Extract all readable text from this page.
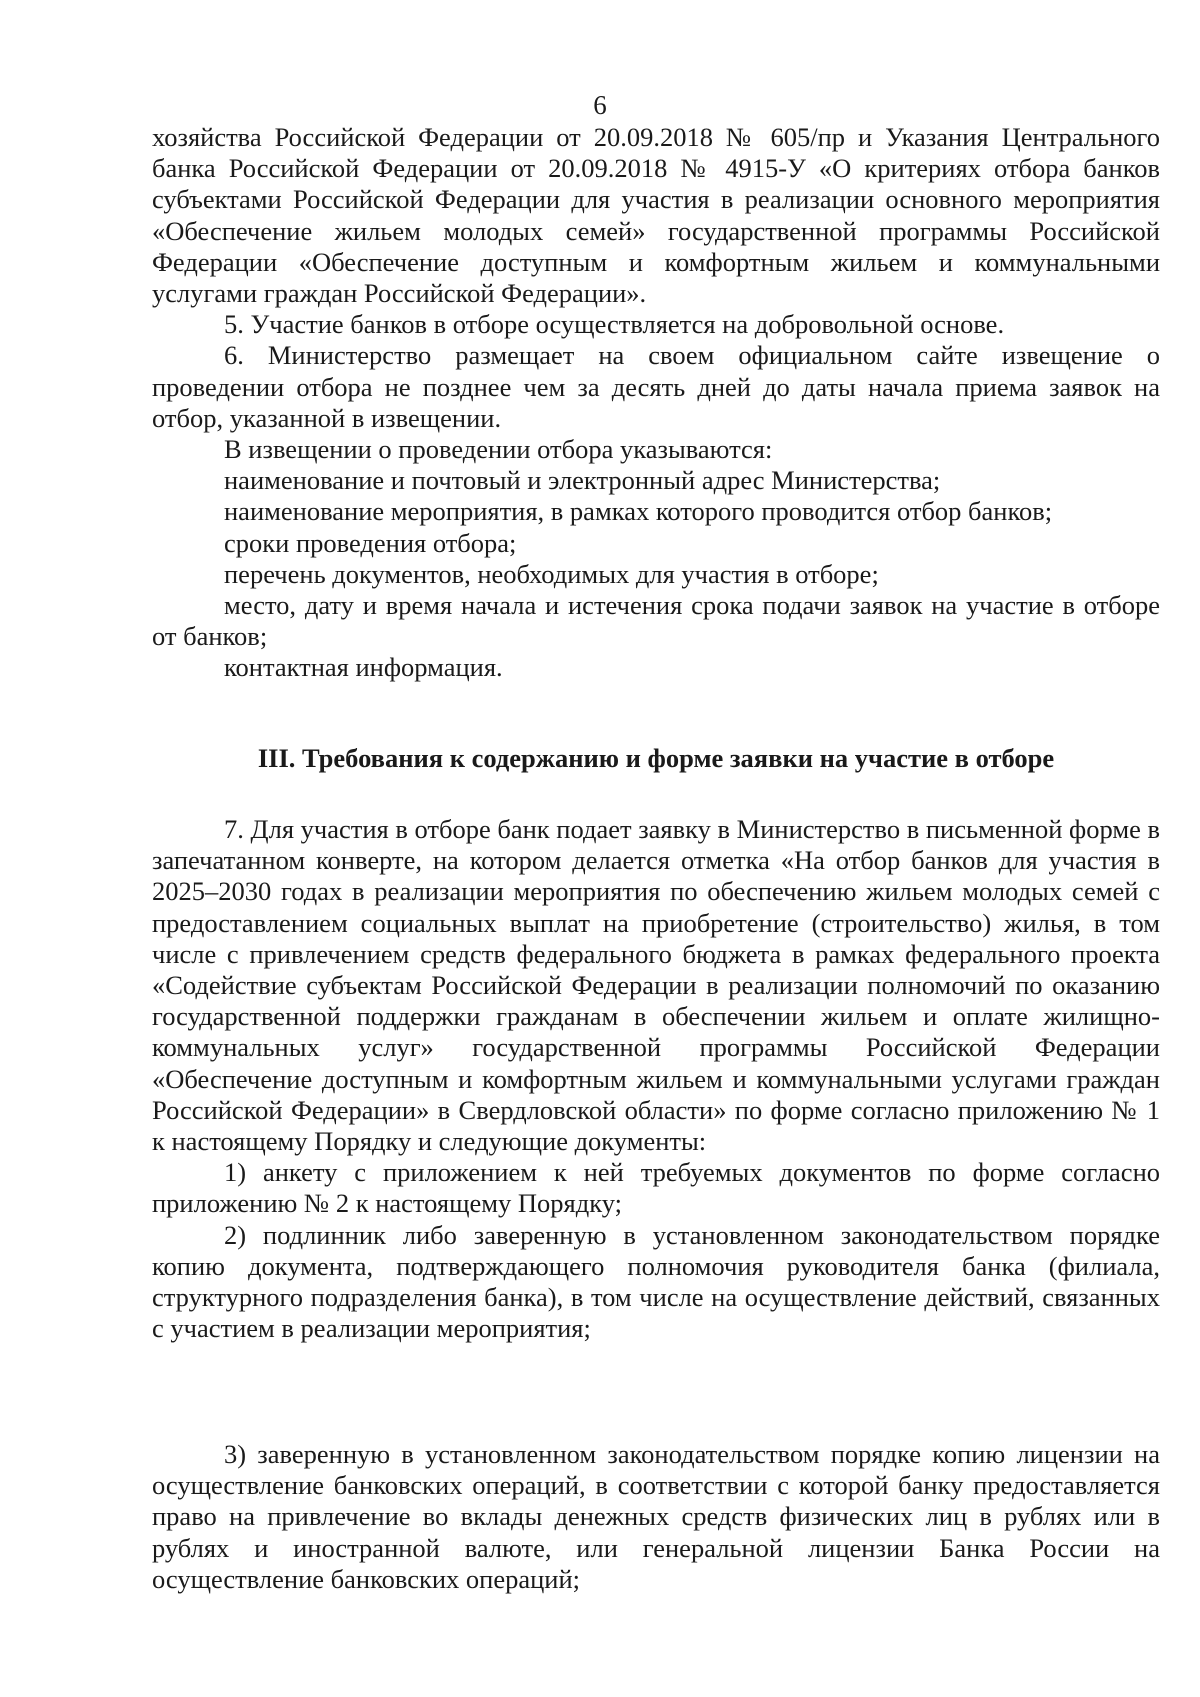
6

хозяйства Российской Федерации от 20.09.2018 № 605/пр и Указания Центрального банка Российской Федерации от 20.09.2018 № 4915-У «О критериях отбора банков субъектами Российской Федерации для участия в реализации основного мероприятия «Обеспечение жильем молодых семей» государственной программы Российской Федерации «Обеспечение доступным и комфортным жильем и коммунальными услугами граждан Российской Федерации».

5. Участие банков в отборе осуществляется на добровольной основе.

6. Министерство размещает на своем официальном сайте извещение о проведении отбора не позднее чем за десять дней до даты начала приема заявок на отбор, указанной в извещении.

В извещении о проведении отбора указываются:

наименование и почтовый и электронный адрес Министерства;

наименование мероприятия, в рамках которого проводится отбор банков;

сроки проведения отбора;

перечень документов, необходимых для участия в отборе;

место, дату и время начала и истечения срока подачи заявок на участие в отборе от банков;

контактная информация.

III. Требования к содержанию и форме заявки на участие в отборе

7. Для участия в отборе банк подает заявку в Министерство в письменной форме в запечатанном конверте, на котором делается отметка «На отбор банков для участия в 2025–2030 годах в реализации мероприятия по обеспечению жильем молодых семей с предоставлением социальных выплат на приобретение (строительство) жилья, в том числе с привлечением средств федерального бюджета в рамках федерального проекта «Содействие субъектам Российской Федерации в реализации полномочий по оказанию государственной поддержки гражданам в обеспечении жильем и оплате жилищно-коммунальных услуг» государственной программы Российской Федерации «Обеспечение доступным и комфортным жильем и коммунальными услугами граждан Российской Федерации» в Свердловской области» по форме согласно приложению № 1 к настоящему Порядку и следующие документы:

1) анкету с приложением к ней требуемых документов по форме согласно приложению № 2 к настоящему Порядку;

2) подлинник либо заверенную в установленном законодательством порядке копию документа, подтверждающего полномочия руководителя банка (филиала, структурного подразделения банка), в том числе на осуществление действий, связанных с участием в реализации мероприятия;

3) заверенную в установленном законодательством порядке копию лицензии на осуществление банковских операций, в соответствии с которой банку предоставляется право на привлечение во вклады денежных средств физических лиц в рублях или в рублях и иностранной валюте, или генеральной лицензии Банка России на осуществление банковских операций;
